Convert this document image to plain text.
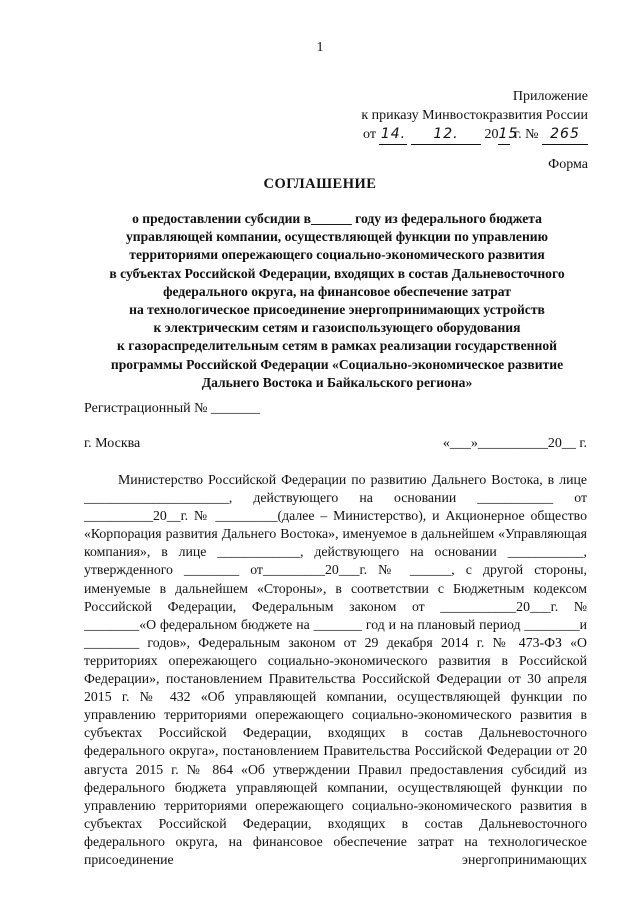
1
Приложение
к приказу Минвостокразвития России
от 14. 12. 2015 г. № 265
Форма
СОГЛАШЕНИЕ
о предоставлении субсидии в______ году из федерального бюджета
управляющей компании, осуществляющей функции по управлению
территориями опережающего социально-экономического развития
в субъектах Российской Федерации, входящих в состав Дальневосточного
федерального округа, на финансовое обеспечение затрат
на технологическое присоединение энергопринимающих устройств
к электрическим сетям и газоиспользующего оборудования
к газораспределительным сетям в рамках реализации государственной
программы Российской Федерации «Социально-экономическое развитие
Дальнего Востока и Байкальского региона»
Регистрационный № _______
г. Москва	«___»__________20__ г.

Министерство Российской Федерации по развитию Дальнего Востока, в лице _____________________, действующего на основании ___________ от __________20__г. № _________(далее – Министерство), и Акционерное общество «Корпорация развития Дальнего Востока», именуемое в дальнейшем «Управляющая компания», в лице ____________, действующего на основании ___________, утвержденного ________ от_________20___г. № ______, с другой стороны, именуемые в дальнейшем «Стороны», в соответствии с Бюджетным кодексом Российской Федерации, Федеральным законом от ___________20___г. № ________«О федеральном бюджете на _______ год и на плановый период ________и ________ годов», Федеральным законом от 29 декабря 2014 г. № 473-ФЗ «О территориях опережающего социально-экономического развития в Российской Федерации», постановлением Правительства Российской Федерации от 30 апреля 2015 г. № 432 «Об управляющей компании, осуществляющей функции по управлению территориями опережающего социально-экономического развития в субъектах Российской Федерации, входящих в состав Дальневосточного федерального округа», постановлением Правительства Российской Федерации от 20 августа 2015 г. № 864 «Об утверждении Правил предоставления субсидий из федерального бюджета управляющей компании, осуществляющей функции по управлению территориями опережающего социально-экономического развития в субъектах Российской Федерации, входящих в состав Дальневосточного федерального округа, на финансовое обеспечение затрат на технологическое присоединение энергопринимающих
